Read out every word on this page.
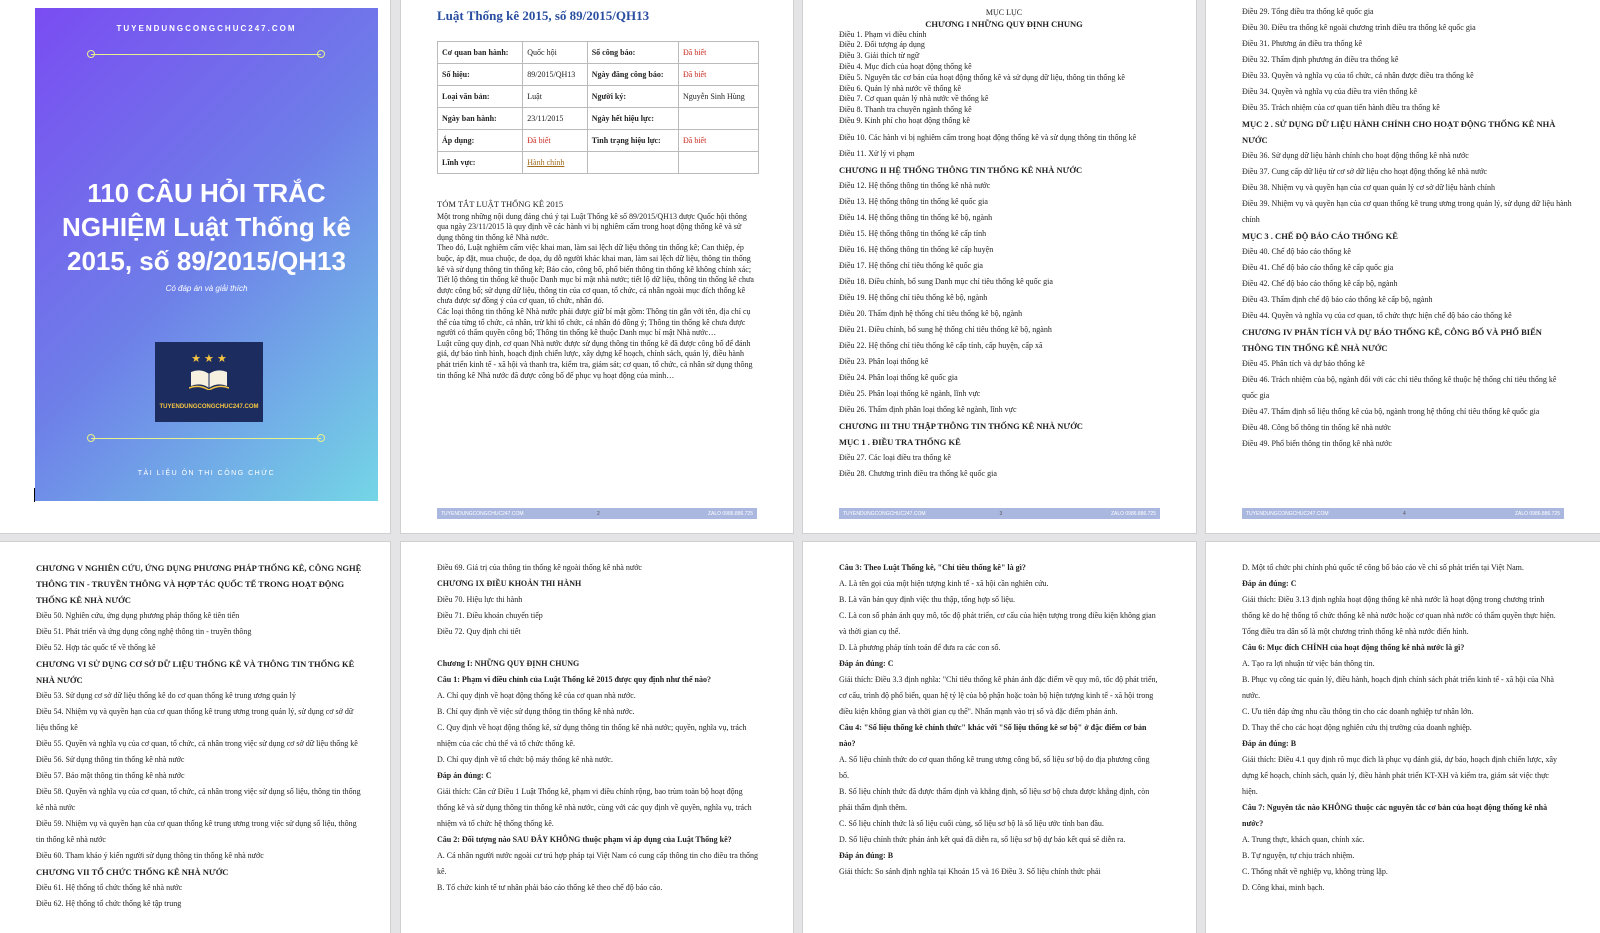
TUYENDUNGCONGCHUC247.COM
110 CÂU HỎI TRẮC NGHIỆM Luật Thống kê 2015, số 89/2015/QH13
Có đáp án và giải thích
★ ★ ★
TUYENDUNGCONGCHUC247.COM
TÀI LIỆU ÔN THI CÔNG CHỨC
Luật Thống kê 2015, số 89/2015/QH13
Cơ quan ban hành:	Quốc hội	Số công báo:	Đã biết
Số hiệu:	89/2015/QH13	Ngày đăng công báo:	Đã biết
Loại văn bản:	Luật	Người ký:	Nguyễn Sinh Hùng
Ngày ban hành:	23/11/2015	Ngày hết hiệu lực:	
Áp dụng:	Đã biết	Tình trạng hiệu lực:	Đã biết
Lĩnh vực:	Hành chính		

TÓM TẮT LUẬT THỐNG KÊ 2015

Một trong những nội dung đáng chú ý tại Luật Thống kê số 89/2015/QH13 được Quốc hội thông qua ngày 23/11/2015 là quy định về các hành vi bị nghiêm cấm trong hoạt động thống kê và sử dụng thông tin thống kê Nhà nước.

Theo đó, Luật nghiêm cấm việc khai man, làm sai lệch dữ liệu thông tin thống kê; Can thiệp, ép buộc, áp đặt, mua chuộc, đe dọa, dụ dỗ người khác khai man, làm sai lệch dữ liệu, thông tin thống kê và sử dụng thông tin thống kê; Báo cáo, công bố, phổ biến thông tin thống kê không chính xác; Tiết lộ thông tin thống kê thuộc Danh mục bí mật nhà nước; tiết lộ dữ liệu, thông tin thống kê chưa được công bố; sử dụng dữ liệu, thông tin của cơ quan, tổ chức, cá nhân ngoài mục đích thống kê chưa được sự đồng ý của cơ quan, tổ chức, nhân đó.

Các loại thông tin thống kê Nhà nước phải được giữ bí mật gồm: Thông tin gắn với tên, địa chỉ cụ thể của từng tổ chức, cá nhân, trừ khi tổ chức, cá nhân đó đồng ý; Thông tin thống kê chưa được người có thẩm quyền công bố; Thông tin thống kê thuộc Danh mục bí mật Nhà nước…

Luật cũng quy định, cơ quan Nhà nước được sử dụng thông tin thống kê đã được công bố để đánh giá, dự báo tình hình, hoạch định chiến lược, xây dựng kế hoạch, chính sách, quản lý, điều hành phát triển kinh tế - xã hội và thanh tra, kiểm tra, giám sát; cơ quan, tổ chức, cá nhân sử dụng thông tin thống kê Nhà nước đã được công bố để phục vụ hoạt động của mình…

TUYENDUNGCONGCHUC247.COM	2	ZALO 0986.886.725
MỤC LỤC
CHƯƠNG I NHỮNG QUY ĐỊNH CHUNG
Điều 1. Phạm vi điều chỉnh
Điều 2. Đối tượng áp dụng
Điều 3. Giải thích từ ngữ
Điều 4. Mục đích của hoạt động thống kê
Điều 5. Nguyên tắc cơ bản của hoạt động thống kê và sử dụng dữ liệu, thông tin thống kê
Điều 6. Quản lý nhà nước về thống kê
Điều 7. Cơ quan quản lý nhà nước về thống kê
Điều 8. Thanh tra chuyên ngành thống kê
Điều 9. Kinh phí cho hoạt động thống kê
Điều 10. Các hành vi bị nghiêm cấm trong hoạt động thống kê và sử dụng thông tin thống kê
Điều 11. Xử lý vi phạm
CHƯƠNG II HỆ THỐNG THÔNG TIN THỐNG KÊ NHÀ NƯỚC
Điều 12. Hệ thống thông tin thống kê nhà nước
Điều 13. Hệ thống thông tin thống kê quốc gia
Điều 14. Hệ thống thông tin thống kê bộ, ngành
Điều 15. Hệ thống thông tin thống kê cấp tỉnh
Điều 16. Hệ thống thông tin thống kê cấp huyện
Điều 17. Hệ thống chỉ tiêu thống kê quốc gia
Điều 18. Điều chỉnh, bổ sung Danh mục chỉ tiêu thống kê quốc gia
Điều 19. Hệ thống chỉ tiêu thống kê bộ, ngành
Điều 20. Thẩm định hệ thống chỉ tiêu thống kê bộ, ngành
Điều 21. Điều chỉnh, bổ sung hệ thống chỉ tiêu thống kê bộ, ngành
Điều 22. Hệ thống chỉ tiêu thống kê cấp tỉnh, cấp huyện, cấp xã
Điều 23. Phân loại thống kê
Điều 24. Phân loại thống kê quốc gia
Điều 25. Phân loại thống kê ngành, lĩnh vực
Điều 26. Thẩm định phân loại thống kê ngành, lĩnh vực
CHƯƠNG III THU THẬP THÔNG TIN THỐNG KÊ NHÀ NƯỚC
MỤC 1 . ĐIỀU TRA THỐNG KÊ
Điều 27. Các loại điều tra thống kê
Điều 28. Chương trình điều tra thống kê quốc gia
TUYENDUNGCONGCHUC247.COM	3	ZALO 0986.886.725
Điều 29. Tổng điều tra thống kê quốc gia
Điều 30. Điều tra thống kê ngoài chương trình điều tra thống kê quốc gia
Điều 31. Phương án điều tra thống kê
Điều 32. Thẩm định phương án điều tra thống kê
Điều 33. Quyền và nghĩa vụ của tổ chức, cá nhân được điều tra thống kê
Điều 34. Quyền và nghĩa vụ của điều tra viên thống kê
Điều 35. Trách nhiệm của cơ quan tiến hành điều tra thống kê
MỤC 2 . SỬ DỤNG DỮ LIỆU HÀNH CHÍNH CHO HOẠT ĐỘNG THỐNG KÊ NHÀ NƯỚC
Điều 36. Sử dụng dữ liệu hành chính cho hoạt động thống kê nhà nước
Điều 37. Cung cấp dữ liệu từ cơ sở dữ liệu cho hoạt động thống kê nhà nước
Điều 38. Nhiệm vụ và quyền hạn của cơ quan quản lý cơ sở dữ liệu hành chính
Điều 39. Nhiệm vụ và quyền hạn của cơ quan thống kê trung ương trong quản lý, sử dụng dữ liệu hành chính
MỤC 3 . CHẾ ĐỘ BÁO CÁO THỐNG KÊ
Điều 40. Chế độ báo cáo thống kê
Điều 41. Chế độ báo cáo thống kê cấp quốc gia
Điều 42. Chế độ báo cáo thống kê cấp bộ, ngành
Điều 43. Thẩm định chế độ báo cáo thống kê cấp bộ, ngành
Điều 44. Quyền và nghĩa vụ của cơ quan, tổ chức thực hiện chế độ báo cáo thống kê
CHƯƠNG IV PHÂN TÍCH VÀ DỰ BÁO THỐNG KÊ, CÔNG BỐ VÀ PHỔ BIẾN THÔNG TIN THỐNG KÊ NHÀ NƯỚC
Điều 45. Phân tích và dự báo thống kê
Điều 46. Trách nhiệm của bộ, ngành đối với các chỉ tiêu thống kê thuộc hệ thống chỉ tiêu thống kê quốc gia
Điều 47. Thẩm định số liệu thống kê của bộ, ngành trong hệ thống chỉ tiêu thống kê quốc gia
Điều 48. Công bố thông tin thống kê nhà nước
Điều 49. Phổ biến thông tin thống kê nhà nước
TUYENDUNGCONGCHUC247.COM	4	ZALO 0986.886.725
CHƯƠNG V NGHIÊN CỨU, ỨNG DỤNG PHƯƠNG PHÁP THỐNG KÊ, CÔNG NGHỆ THÔNG TIN - TRUYỀN THÔNG VÀ HỢP TÁC QUỐC TẾ TRONG HOẠT ĐỘNG THỐNG KÊ NHÀ NƯỚC
Điều 50. Nghiên cứu, ứng dụng phương pháp thống kê tiên tiến
Điều 51. Phát triển và ứng dụng công nghệ thông tin - truyền thông
Điều 52. Hợp tác quốc tế về thống kê
CHƯƠNG VI SỬ DỤNG CƠ SỞ DỮ LIỆU THỐNG KÊ VÀ THÔNG TIN THỐNG KÊ NHÀ NƯỚC
Điều 53. Sử dụng cơ sở dữ liệu thống kê do cơ quan thống kê trung ương quản lý
Điều 54. Nhiệm vụ và quyền hạn của cơ quan thống kê trung ương trong quản lý, sử dụng cơ sở dữ liệu thống kê
Điều 55. Quyền và nghĩa vụ của cơ quan, tổ chức, cá nhân trong việc sử dụng cơ sở dữ liệu thống kê
Điều 56. Sử dụng thông tin thống kê nhà nước
Điều 57. Bảo mật thông tin thống kê nhà nước
Điều 58. Quyền và nghĩa vụ của cơ quan, tổ chức, cá nhân trong việc sử dụng số liệu, thông tin thống kê nhà nước
Điều 59. Nhiệm vụ và quyền hạn của cơ quan thống kê trung ương trong việc sử dụng số liệu, thông tin thống kê nhà nước
Điều 60. Tham khảo ý kiến người sử dụng thông tin thống kê nhà nước
CHƯƠNG VII TỔ CHỨC THỐNG KÊ NHÀ NƯỚC
Điều 61. Hệ thống tổ chức thống kê nhà nước
Điều 62. Hệ thống tổ chức thống kê tập trung
Điều 69. Giá trị của thông tin thống kê ngoài thống kê nhà nước
CHƯƠNG IX ĐIỀU KHOẢN THI HÀNH
Điều 70. Hiệu lực thi hành
Điều 71. Điều khoản chuyển tiếp
Điều 72. Quy định chi tiết
Chương I: NHỮNG QUY ĐỊNH CHUNG
Câu 1: Phạm vi điều chỉnh của Luật Thống kê 2015 được quy định như thế nào?
A. Chỉ quy định về hoạt động thống kê của cơ quan nhà nước.
B. Chỉ quy định về việc sử dụng thông tin thống kê nhà nước.
C. Quy định về hoạt động thống kê, sử dụng thông tin thống kê nhà nước; quyền, nghĩa vụ, trách nhiệm của các chủ thể và tổ chức thống kê.
D. Chỉ quy định về tổ chức bộ máy thống kê nhà nước.
Đáp án đúng: C
Giải thích: Căn cứ Điều 1 Luật Thống kê, phạm vi điều chỉnh rộng, bao trùm toàn bộ hoạt động thống kê và sử dụng thông tin thống kê nhà nước, cùng với các quy định về quyền, nghĩa vụ, trách nhiệm và tổ chức hệ thống thống kê.
Câu 2: Đối tượng nào SAU ĐÂY KHÔNG thuộc phạm vi áp dụng của Luật Thống kê?
A. Cá nhân người nước ngoài cư trú hợp pháp tại Việt Nam có cung cấp thông tin cho điều tra thống kê.
B. Tổ chức kinh tế tư nhân phải báo cáo thống kê theo chế độ báo cáo.
Câu 3: Theo Luật Thống kê, "Chỉ tiêu thống kê" là gì?
A. Là tên gọi của một hiện tượng kinh tế - xã hội cần nghiên cứu.
B. Là văn bản quy định việc thu thập, tổng hợp số liệu.
C. Là con số phản ánh quy mô, tốc độ phát triển, cơ cấu của hiện tượng trong điều kiện không gian và thời gian cụ thể.
D. Là phương pháp tính toán để đưa ra các con số.
Đáp án đúng: C
Giải thích: Điều 3.3 định nghĩa: "Chỉ tiêu thống kê phản ánh đặc điểm về quy mô, tốc độ phát triển, cơ cấu, trình độ phổ biến, quan hệ tỷ lệ của bộ phận hoặc toàn bộ hiện tượng kinh tế - xã hội trong điều kiện không gian và thời gian cụ thể". Nhấn mạnh vào trị số và đặc điểm phản ánh.
Câu 4: "Số liệu thống kê chính thức" khác với "Số liệu thống kê sơ bộ" ở đặc điểm cơ bản nào?
A. Số liệu chính thức do cơ quan thống kê trung ương công bố, số liệu sơ bộ do địa phương công bố.
B. Số liệu chính thức đã được thẩm định và khẳng định, số liệu sơ bộ chưa được khẳng định, còn phải thẩm định thêm.
C. Số liệu chính thức là số liệu cuối cùng, số liệu sơ bộ là số liệu ước tính ban đầu.
D. Số liệu chính thức phản ánh kết quả đã diễn ra, số liệu sơ bộ dự báo kết quả sẽ diễn ra.
Đáp án đúng: B
Giải thích: So sánh định nghĩa tại Khoản 15 và 16 Điều 3. Số liệu chính thức phải
D. Một tổ chức phi chính phủ quốc tế công bố báo cáo về chỉ số phát triển tại Việt Nam.
Đáp án đúng: C
Giải thích: Điều 3.13 định nghĩa hoạt động thống kê nhà nước là hoạt động trong chương trình thống kê do hệ thống tổ chức thống kê nhà nước hoặc cơ quan nhà nước có thẩm quyền thực hiện. Tổng điều tra dân số là một chương trình thống kê nhà nước điển hình.
Câu 6: Mục đích CHÍNH của hoạt động thống kê nhà nước là gì?
A. Tạo ra lợi nhuận từ việc bán thông tin.
B. Phục vụ công tác quản lý, điều hành, hoạch định chính sách phát triển kinh tế - xã hội của Nhà nước.
C. Ưu tiên đáp ứng nhu cầu thông tin cho các doanh nghiệp tư nhân lớn.
D. Thay thế cho các hoạt động nghiên cứu thị trường của doanh nghiệp.
Đáp án đúng: B
Giải thích: Điều 4.1 quy định rõ mục đích là phục vụ đánh giá, dự báo, hoạch định chiến lược, xây dựng kế hoạch, chính sách, quản lý, điều hành phát triển KT-XH và kiểm tra, giám sát việc thực hiện.
Câu 7: Nguyên tắc nào KHÔNG thuộc các nguyên tắc cơ bản của hoạt động thống kê nhà nước?
A. Trung thực, khách quan, chính xác.
B. Tự nguyện, tự chịu trách nhiệm.
C. Thống nhất về nghiệp vụ, không trùng lặp.
D. Công khai, minh bạch.
